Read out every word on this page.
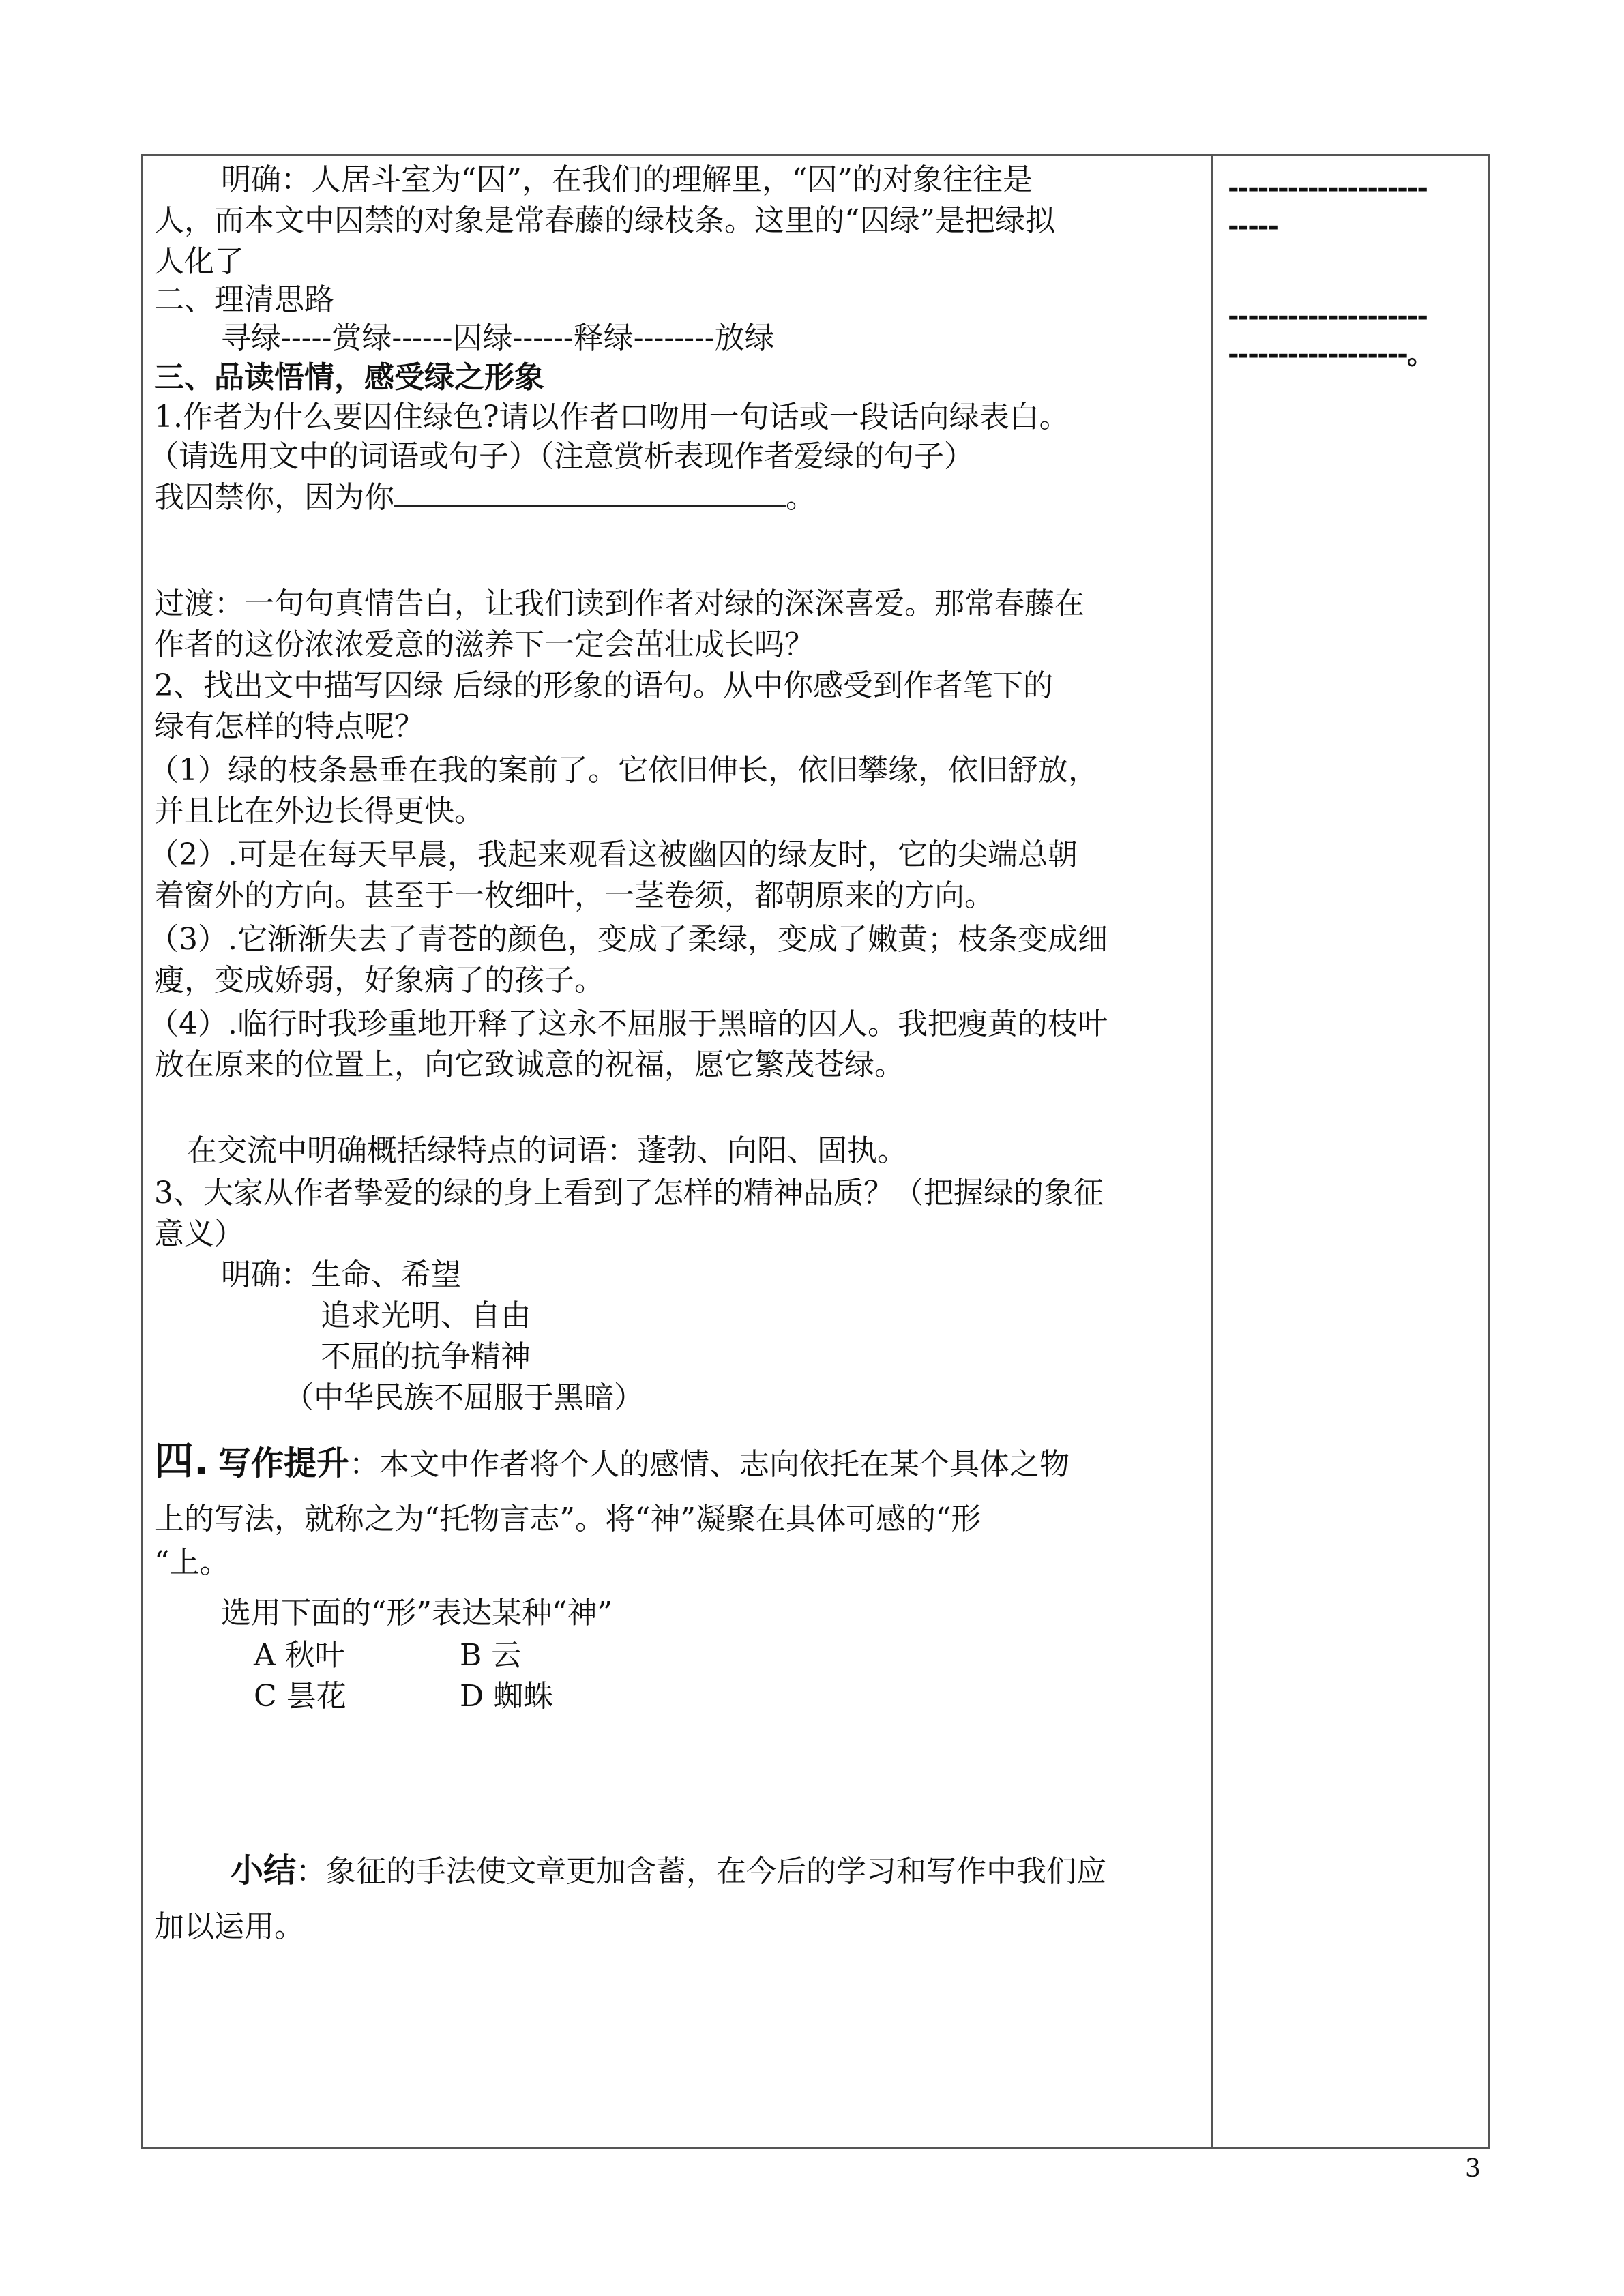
明确：人居斗室为“囚”，在我们的理解里，“囚”的对象往往是
人，而本文中囚禁的对象是常春藤的绿枝条。这里的“囚绿”是把绿拟
人化了
二、理清思路
寻绿-----赏绿------囚绿------释绿--------放绿
三、品读悟情，感受绿之形象
1.作者为什么要囚住绿色?请以作者口吻用一句话或一段话向绿表白。
（请选用文中的词语或句子）（注意赏析表现作者爱绿的句子）
我囚禁你，因为你	。
过渡：一句句真情告白，让我们读到作者对绿的深深喜爱。那常春藤在
作者的这份浓浓爱意的滋养下一定会茁壮成长吗？
2、找出文中描写囚绿 后绿的形象的语句。从中你感受到作者笔下的
绿有怎样的特点呢？
（1）绿的枝条悬垂在我的案前了。它依旧伸长，依旧攀缘，依旧舒放，
并且比在外边长得更快。
（2）.可是在每天早晨，我起来观看这被幽囚的绿友时，它的尖端总朝
着窗外的方向。甚至于一枚细叶，一茎卷须，都朝原来的方向。
（3）.它渐渐失去了青苍的颜色，变成了柔绿，变成了嫩黄；枝条变成细
瘦，变成娇弱，好象病了的孩子。
（4）.临行时我珍重地开释了这永不屈服于黑暗的囚人。我把瘦黄的枝叶
放在原来的位置上，向它致诚意的祝福，愿它繁茂苍绿。
在交流中明确概括绿特点的词语：蓬勃、向阳、固执。
3、大家从作者挚爱的绿的身上看到了怎样的精神品质？（把握绿的象征
意义）
明确：生命、希望
追求光明、自由
不屈的抗争精神
（中华民族不屈服于黑暗）
四. 写作提升：本文中作者将个人的感情、志向依托在某个具体之物
上的写法，就称之为“托物言志”。将“神”凝聚在具体可感的“形
“上。
选用下面的“形”表达某种“神”
A 秋叶	B 云
C 昙花	D 蜘蛛
小结：象征的手法使文章更加含蓄，在今后的学习和写作中我们应
加以运用。
--------------------
-----
--------------------
------------------。
3
